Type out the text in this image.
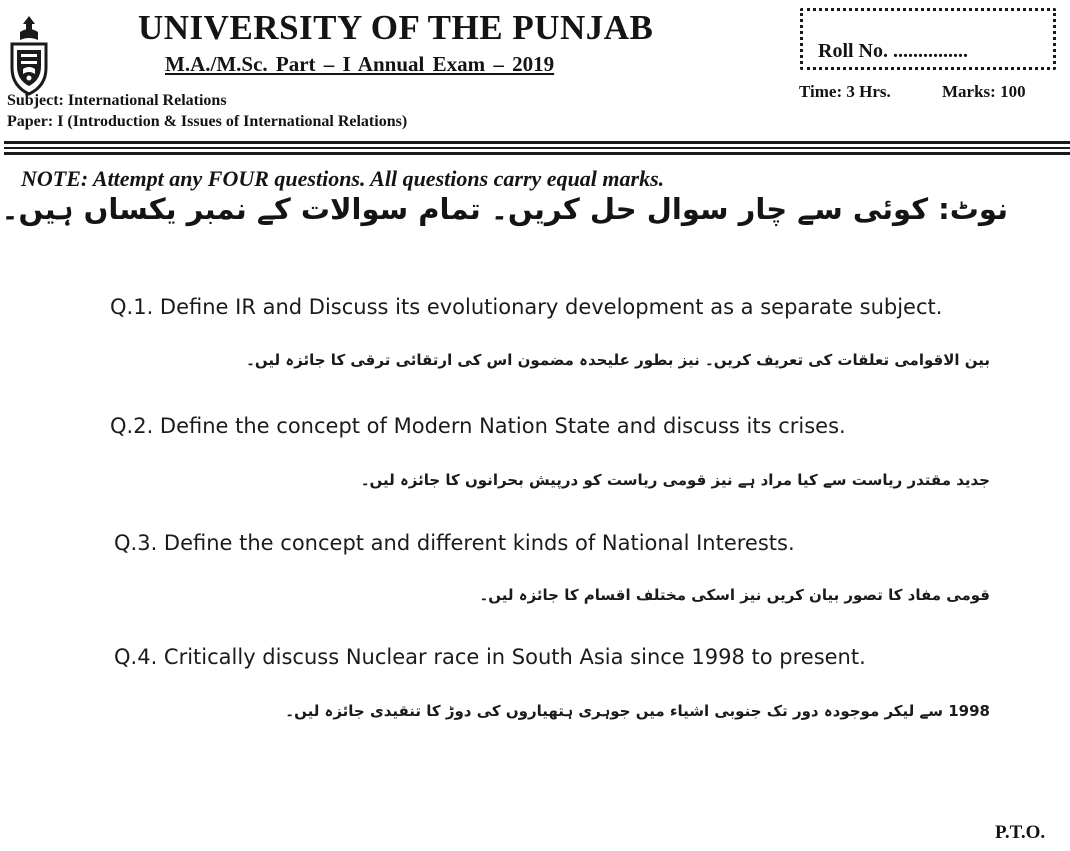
UNIVERSITY OF THE PUNJAB
M.A./M.Sc. Part – I Annual Exam – 2019
Roll No. ...............
Time: 3 Hrs.	Marks: 100
Subject: International Relations
Paper: I (Introduction & Issues of International Relations)
NOTE: Attempt any FOUR questions. All questions carry equal marks.
نوٹ: کوئی سے چار سوال حل کریں۔ تمام سوالات کے نمبر یکساں ہیں۔
Q.1. Define IR and Discuss its evolutionary development as a separate subject.
بین الاقوامی تعلقات کی تعریف کریں۔ نیز بطور علیحدہ مضمون اس کی ارتقائی ترقی کا جائزہ لیں۔
Q.2. Define the concept of Modern Nation State and discuss its crises.
جدید مقتدر ریاست سے کیا مراد ہے نیز قومی ریاست کو درپیش بحرانوں کا جائزہ لیں۔
Q.3. Define the concept and different kinds of National Interests.
قومی مفاد کا تصور بیان کریں نیز اسکی مختلف اقسام کا جائزہ لیں۔
Q.4. Critically discuss Nuclear race in South Asia since 1998 to present.
1998 سے لیکر موجودہ دور تک جنوبی اشیاء میں جوہری ہتھیاروں کی دوڑ کا تنقیدی جائزہ لیں۔
P.T.O.
